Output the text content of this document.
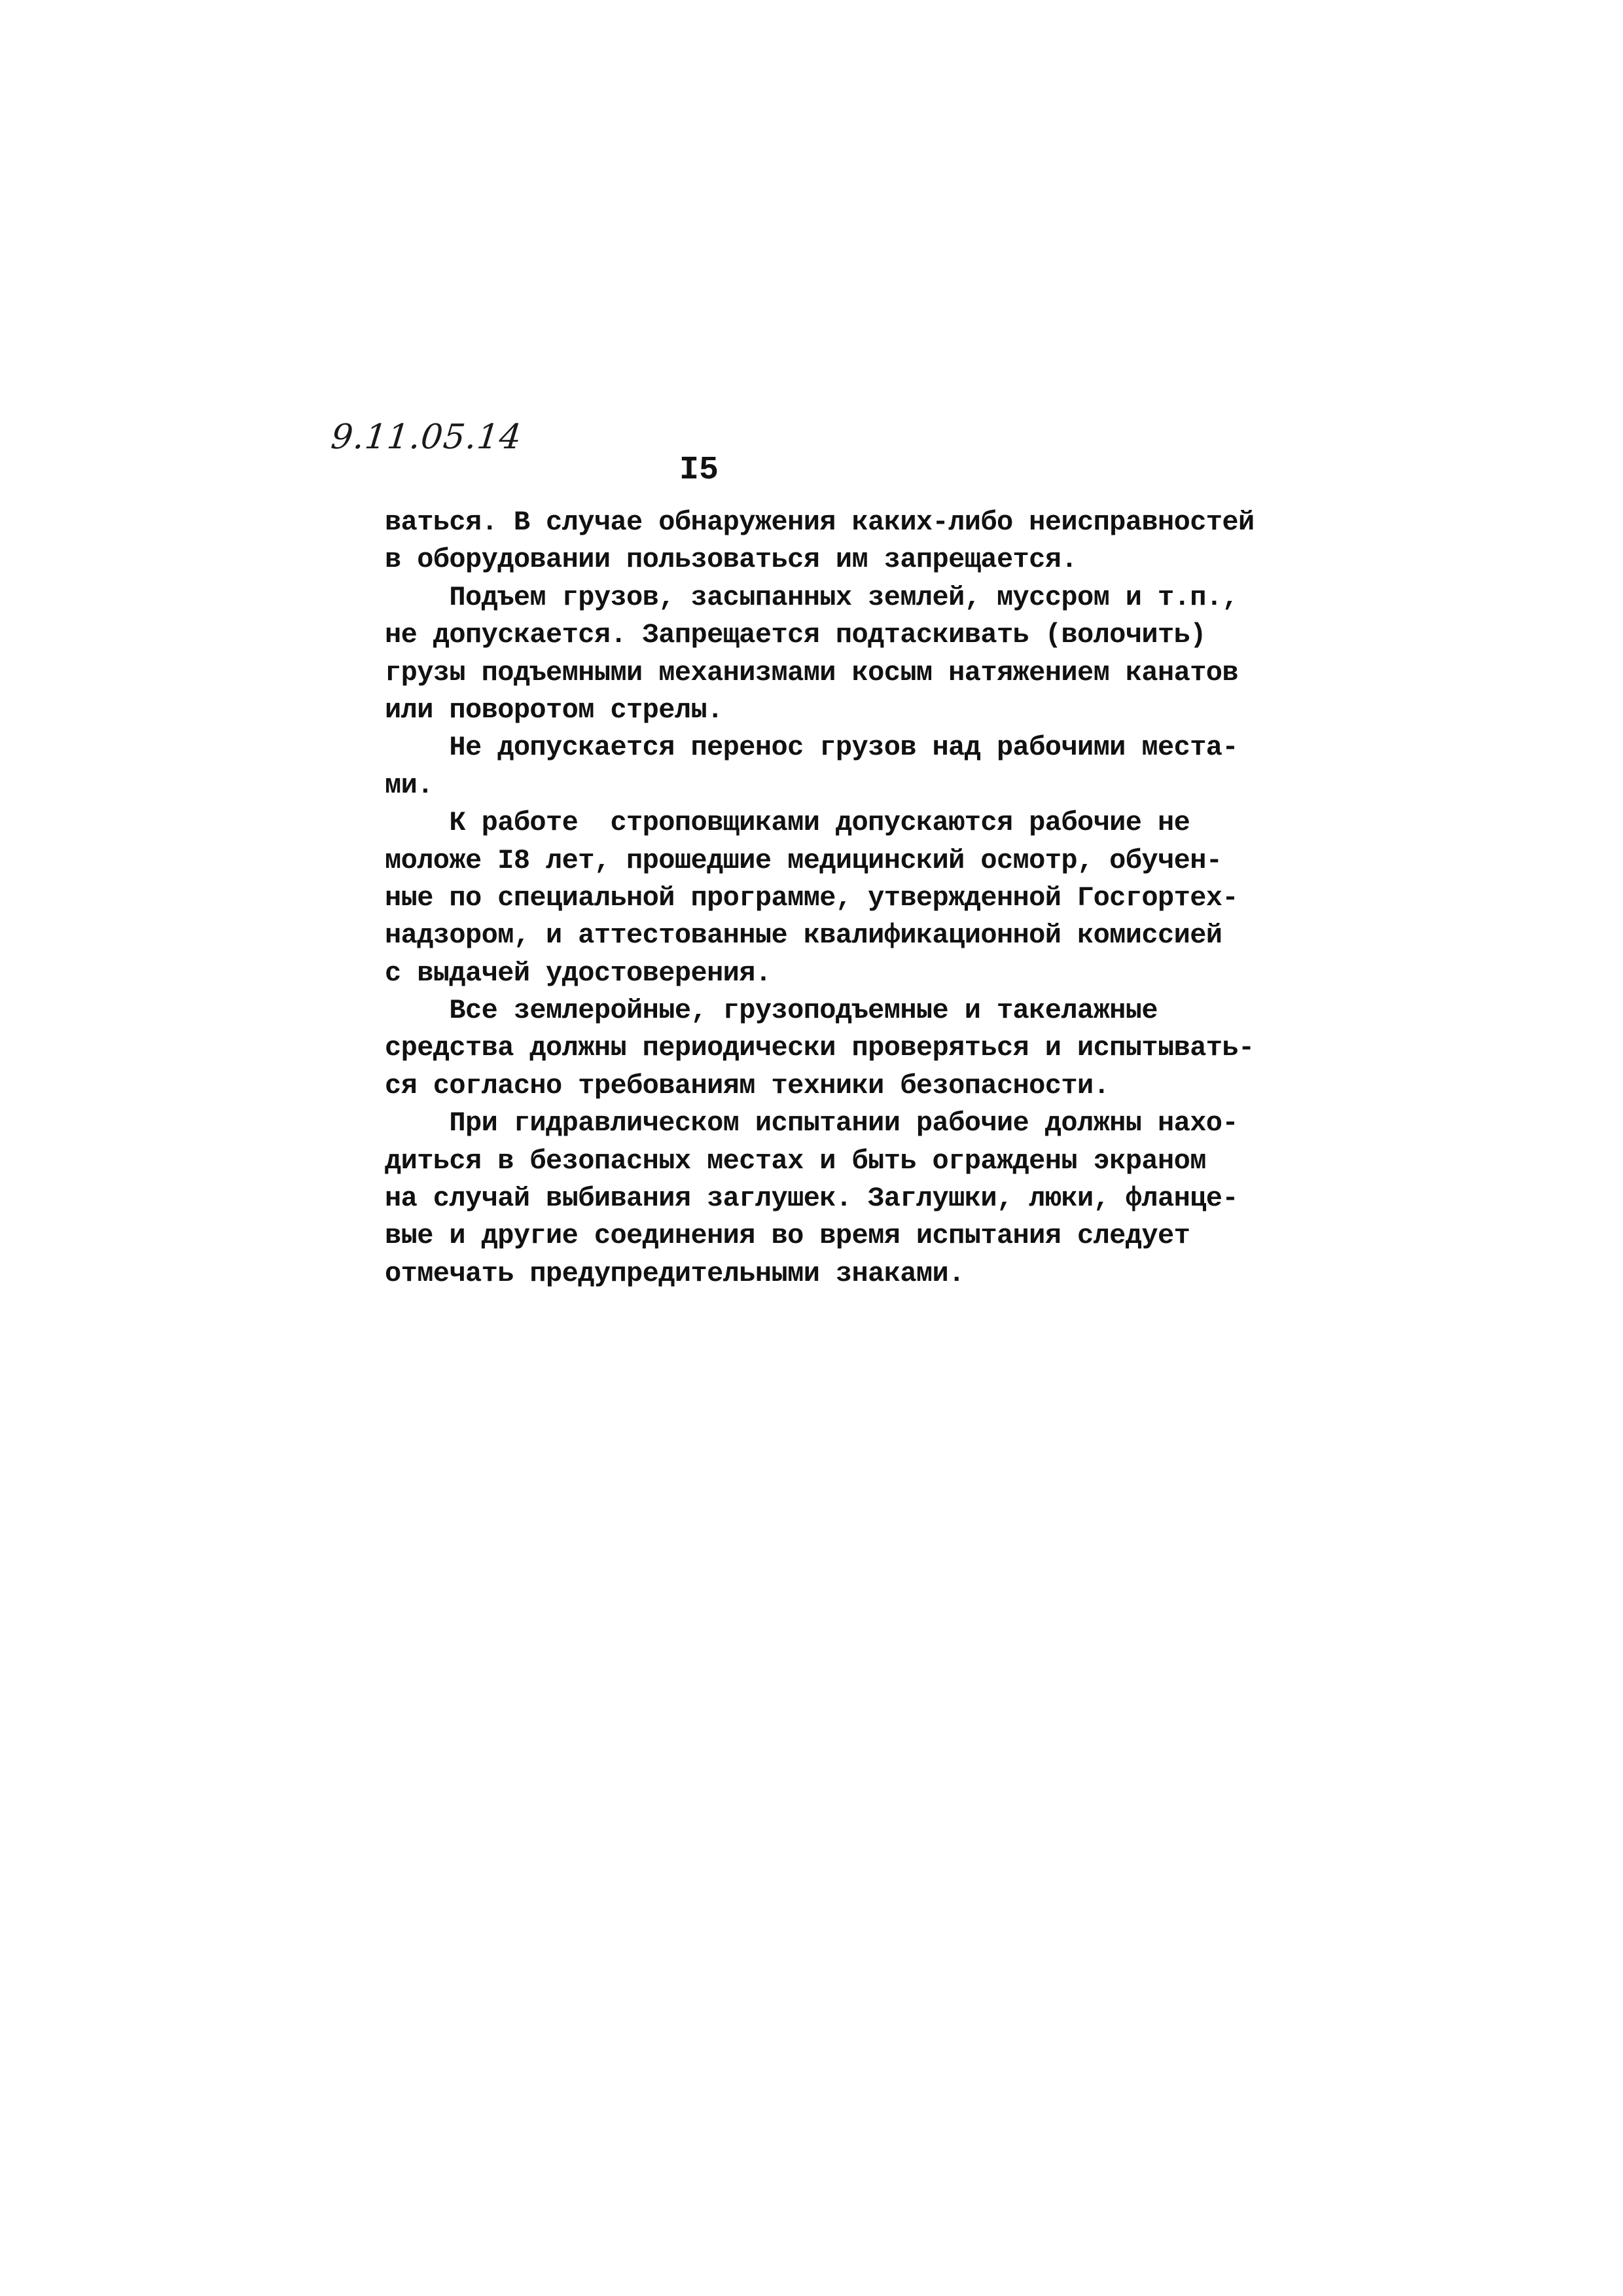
9.11.05.14
I5
ваться. В случае обнаружения каких-либо неисправностей
в оборудовании пользоваться им запрещается.
Подъем грузов, засыпанных землей, муссром и т.п.,
не допускается. Запрещается подтаскивать (волочить)
грузы подъемными механизмами косым натяжением канатов
или поворотом стрелы.
Не допускается перенос грузов над рабочими места-
ми.
К работе  строповщиками допускаются рабочие не
моложе I8 лет, прошедшие медицинский осмотр, обучен-
ные по специальной программе, утвержденной Госгортех-
надзором, и аттестованные квалификационной комиссией
с выдачей удостоверения.
Все землеройные, грузоподъемные и такелажные
средства должны периодически проверяться и испытывать-
ся согласно требованиям техники безопасности.
При гидравлическом испытании рабочие должны нахо-
диться в безопасных местах и быть ограждены экраном
на случай выбивания заглушек. Заглушки, люки, фланце-
вые и другие соединения во время испытания следует
отмечать предупредительными знаками.
